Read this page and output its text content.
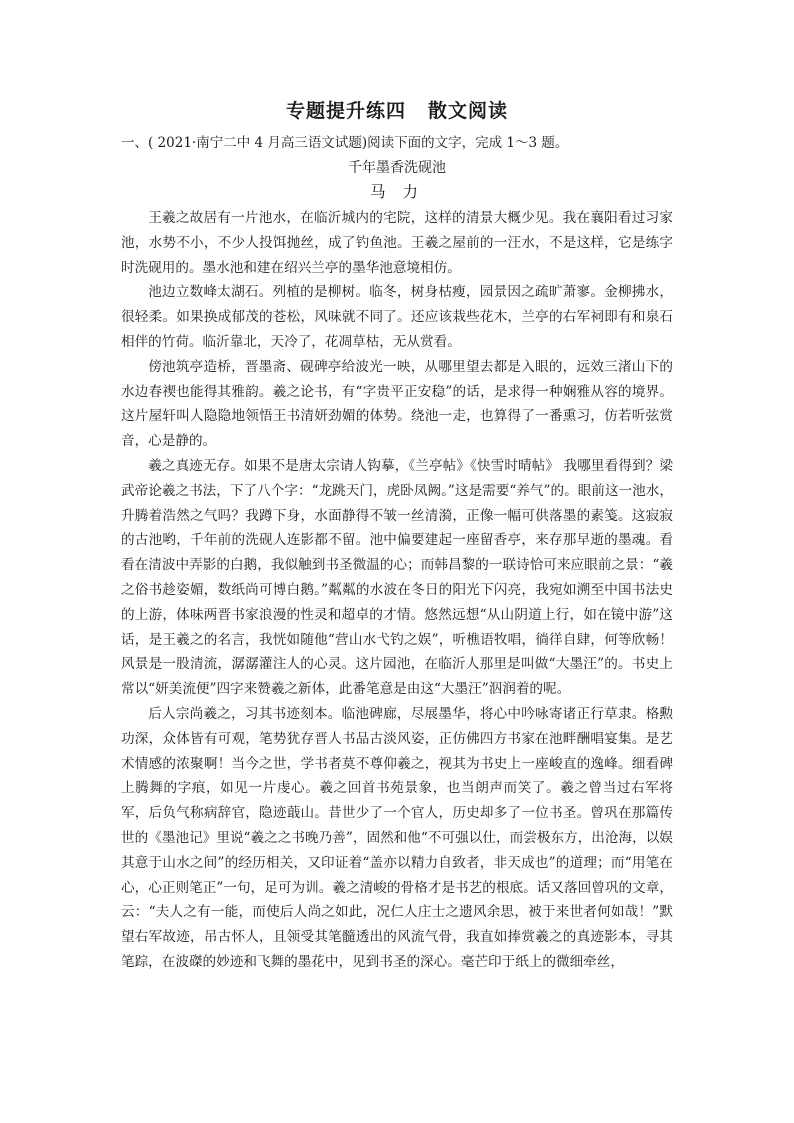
专题提升练四 散文阅读
一、( 2021·南宁二中 4 月高三语文试题)阅读下面的文字，完成 1～3 题。
千年墨香洗砚池
马 力

王羲之故居有一片池水，在临沂城内的宅院，这样的清景大概少见。我在襄阳看过习家池，水势不小，不少人投饵抛丝，成了钓鱼池。王羲之屋前的一汪水，不是这样，它是练字时洗砚用的。墨水池和建在绍兴兰亭的墨华池意境相仿。

池边立数峰太湖石。列植的是柳树。临冬，树身枯瘦，园景因之疏旷萧寥。金柳拂水，很轻柔。如果换成郁茂的苍松，风味就不同了。还应该栽些花木，兰亭的右军祠即有和泉石相伴的竹荷。临沂靠北，天冷了，花凋草枯，无从赏看。

傍池筑亭造桥，晋墨斋、砚碑亭给波光一映，从哪里望去都是入眼的，远效三渚山下的水边春禊也能得其雅韵。羲之论书，有“字贵平正安稳”的话，是求得一种娴雅从容的境界。这片屋轩叫人隐隐地领悟王书清妍劲媚的体势。绕池一走，也算得了一番熏习，仿若听弦赏音，心是静的。

羲之真迹无存。如果不是唐太宗请人钩摹，《兰亭帖》《快雪时晴帖》 我哪里看得到？梁武帝论羲之书法，下了八个字：“龙跳天门，虎卧凤阙。”这是需要“养气”的。眼前这一池水，升腾着浩然之气吗？我蹲下身，水面静得不皱一丝清漪，正像一幅可供落墨的素笺。这寂寂的古池哟，千年前的洗砚人连影都不留。池中偏要建起一座留香亭，来存那早逝的墨魂。看看在清波中弄影的白鹅，我似触到书圣微温的心；而韩昌黎的一联诗恰可来应眼前之景：“羲之俗书趁姿媚，数纸尚可博白鹅。”粼粼的水波在冬日的阳光下闪亮，我宛如溯至中国书法史的上游，体味两晋书家浪漫的性灵和超卓的才情。悠然远想“从山阴道上行，如在镜中游”这话，是王羲之的名言，我恍如随他“营山水弋钓之娱”，听樵语牧唱，徜徉自肆，何等欣畅！风景是一股清流，潺潺灌注人的心灵。这片园池，在临沂人那里是叫做“大墨汪”的。书史上常以“妍美流便”四字来赞羲之新体，此番笔意是由这“大墨汪”泅润着的呢。

后人宗尚羲之，习其书迹刻本。临池碑廊，尽展墨华，将心中吟咏寄诸正行草隶。格勲功深，众体皆有可观，笔势犹存晋人书品古淡风姿，正仿佛四方书家在池畔酬唱宴集。是艺术情感的浓聚啊！当今之世，学书者莫不尊仰羲之，视其为书史上一座峻直的逸峰。细看碑上腾舞的字痕，如见一片虔心。羲之回首书苑景象，也当朗声而笑了。羲之曾当过右军将军，后负气称病辞官，隐迹蕺山。昔世少了一个官人，历史却多了一位书圣。曾巩在那篇传世的《墨池记》里说“羲之之书晚乃善”，固然和他“不可强以仕，而尝极东方，出沧海，以娱其意于山水之间”的经历相关，又印证着“盖亦以精力自致者，非天成也”的道理；而“用笔在心，心正则笔正”一句，足可为训。羲之清峻的骨格才是书艺的根底。话又落回曾巩的文章，云：“夫人之有一能，而使后人尚之如此，况仁人庄士之遗风余思，被于来世者何如哉！”默望右军故迹，吊古怀人，且领受其笔髓透出的风流气骨，我直如捧赏羲之的真迹影本，寻其笔踪，在波磔的妙迹和飞舞的墨花中，见到书圣的深心。毫芒印于纸上的微细牵丝，
